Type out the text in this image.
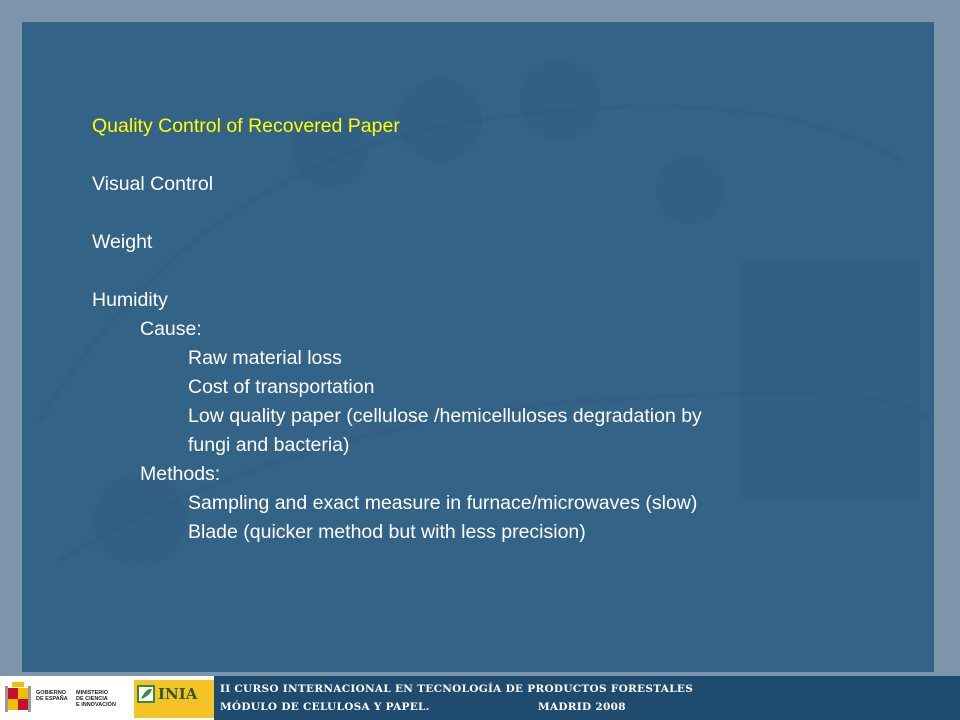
Quality Control of Recovered Paper
Visual Control
Weight
Humidity
Cause:
Raw material loss
Cost of transportation
Low quality paper (cellulose /hemicelluloses degradation by
fungi and bacteria)
Methods:
Sampling and exact measure in furnace/microwaves (slow)
Blade (quicker method but with less precision)
GOBIERNO
DE ESPAÑA
MINISTERIO
DE CIENCIA
E INNOVACIÓN
INIA II CURSO INTERNACIONAL EN TECNOLOGÍA DE PRODUCTOS FORESTALES
MÓDULO DE CELULOSA Y PAPEL.	MADRID 2008
